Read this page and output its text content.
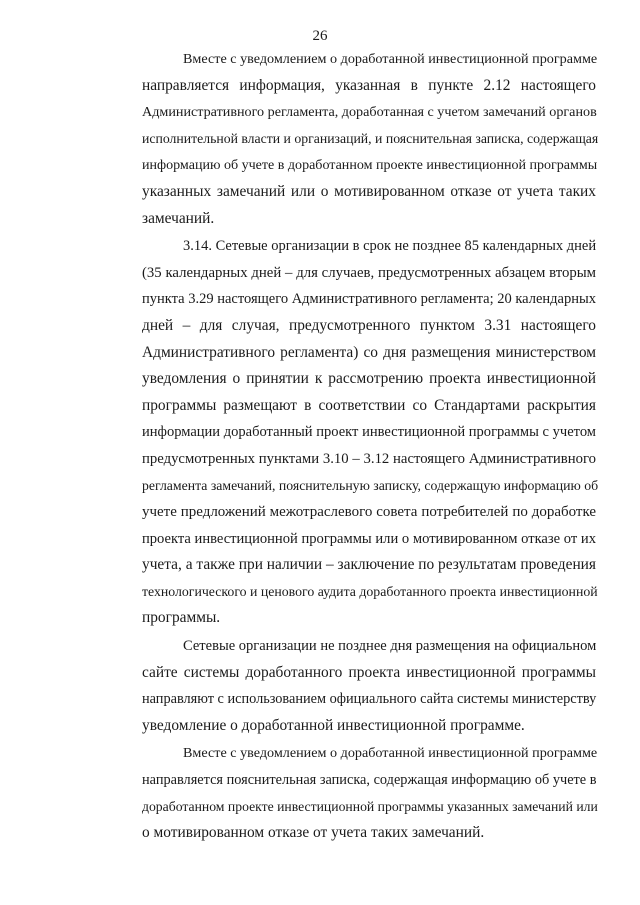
26

Вместе с уведомлением о доработанной инвестиционной программе
направляется информация, указанная в пункте 2.12 настоящего
Административного регламента, доработанная с учетом замечаний органов
исполнительной власти и организаций, и пояснительная записка, содержащая
информацию об учете в доработанном проекте инвестиционной программы
указанных замечаний или о мотивированном отказе от учета таких
замечаний.

3.14. Сетевые организации в срок не позднее 85 календарных дней
(35 календарных дней – для случаев, предусмотренных абзацем вторым
пункта 3.29 настоящего Административного регламента; 20 календарных
дней – для случая, предусмотренного пунктом 3.31 настоящего
Административного регламента) со дня размещения министерством
уведомления о принятии к рассмотрению проекта инвестиционной
программы размещают в соответствии со Стандартами раскрытия
информации доработанный проект инвестиционной программы с учетом
предусмотренных пунктами 3.10 – 3.12 настоящего Административного
регламента замечаний, пояснительную записку, содержащую информацию об
учете предложений межотраслевого совета потребителей по доработке
проекта инвестиционной программы или о мотивированном отказе от их
учета, а также при наличии – заключение по результатам проведения
технологического и ценового аудита доработанного проекта инвестиционной
программы.

Сетевые организации не позднее дня размещения на официальном
сайте системы доработанного проекта инвестиционной программы
направляют с использованием официального сайта системы министерству
уведомление о доработанной инвестиционной программе.

Вместе с уведомлением о доработанной инвестиционной программе
направляется пояснительная записка, содержащая информацию об учете в
доработанном проекте инвестиционной программы указанных замечаний или
о мотивированном отказе от учета таких замечаний.
